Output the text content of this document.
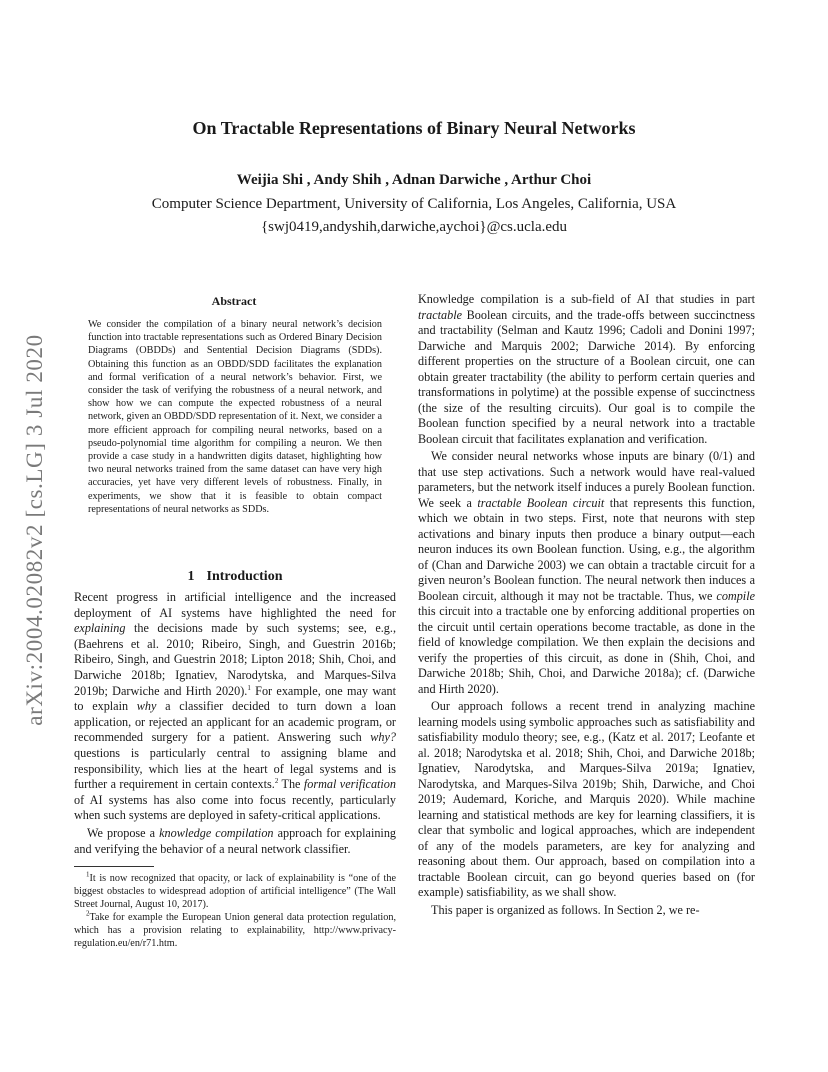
arXiv:2004.02082v2 [cs.LG] 3 Jul 2020
On Tractable Representations of Binary Neural Networks
Weijia Shi , Andy Shih , Adnan Darwiche , Arthur Choi
Computer Science Department, University of California, Los Angeles, California, USA
{swj0419,andyshih,darwiche,aychoi}@cs.ucla.edu
Abstract

We consider the compilation of a binary neural network’s decision function into tractable representations such as Ordered Binary Decision Diagrams (OBDDs) and Sentential Decision Diagrams (SDDs). Obtaining this function as an OBDD/SDD facilitates the explanation and formal verification of a neural network’s behavior. First, we consider the task of verifying the robustness of a neural network, and show how we can compute the expected robustness of a neural network, given an OBDD/SDD representation of it. Next, we consider a more efficient approach for compiling neural networks, based on a pseudo-polynomial time algorithm for compiling a neuron. We then provide a case study in a handwritten digits dataset, highlighting how two neural networks trained from the same dataset can have very high accuracies, yet have very different levels of robustness. Finally, in experiments, we show that it is feasible to obtain compact representations of neural networks as SDDs.

1 Introduction

Recent progress in artificial intelligence and the increased deployment of AI systems have highlighted the need for explaining the decisions made by such systems; see, e.g., (Baehrens et al. 2010; Ribeiro, Singh, and Guestrin 2016b; Ribeiro, Singh, and Guestrin 2018; Lipton 2018; Shih, Choi, and Darwiche 2018b; Ignatiev, Narodytska, and Marques-Silva 2019b; Darwiche and Hirth 2020).$^1$ For example, one may want to explain why a classifier decided to turn down a loan application, or rejected an applicant for an academic program, or recommended surgery for a patient. Answering such why? questions is particularly central to assigning blame and responsibility, which lies at the heart of legal systems and is further a requirement in certain contexts.$^2$ The formal verification of AI systems has also come into focus recently, particularly when such systems are deployed in safety-critical applications.

We propose a knowledge compilation approach for explaining and verifying the behavior of a neural network classifier.

$^1$It is now recognized that opacity, or lack of explainability is “one of the biggest obstacles to widespread adoption of artificial intelligence” (The Wall Street Journal, August 10, 2017).

$^2$Take for example the European Union general data protection regulation, which has a provision relating to explainability, http://www.privacy-regulation.eu/en/r71.htm.

Knowledge compilation is a sub-field of AI that studies in part tractable Boolean circuits, and the trade-offs between succinctness and tractability (Selman and Kautz 1996; Cadoli and Donini 1997; Darwiche and Marquis 2002; Darwiche 2014). By enforcing different properties on the structure of a Boolean circuit, one can obtain greater tractability (the ability to perform certain queries and transformations in polytime) at the possible expense of succinctness (the size of the resulting circuits). Our goal is to compile the Boolean function specified by a neural network into a tractable Boolean circuit that facilitates explanation and verification.

We consider neural networks whose inputs are binary (0/1) and that use step activations. Such a network would have real-valued parameters, but the network itself induces a purely Boolean function. We seek a tractable Boolean circuit that represents this function, which we obtain in two steps. First, note that neurons with step activations and binary inputs then produce a binary output—each neuron induces its own Boolean function. Using, e.g., the algorithm of (Chan and Darwiche 2003) we can obtain a tractable circuit for a given neuron’s Boolean function. The neural network then induces a Boolean circuit, although it may not be tractable. Thus, we compile this circuit into a tractable one by enforcing additional properties on the circuit until certain operations become tractable, as done in the field of knowledge compilation. We then explain the decisions and verify the properties of this circuit, as done in (Shih, Choi, and Darwiche 2018b; Shih, Choi, and Darwiche 2018a); cf. (Darwiche and Hirth 2020).

Our approach follows a recent trend in analyzing machine learning models using symbolic approaches such as satisfiability and satisfiability modulo theory; see, e.g., (Katz et al. 2017; Leofante et al. 2018; Narodytska et al. 2018; Shih, Choi, and Darwiche 2018b; Ignatiev, Narodytska, and Marques-Silva 2019a; Ignatiev, Narodytska, and Marques-Silva 2019b; Shih, Darwiche, and Choi 2019; Audemard, Koriche, and Marquis 2020). While machine learning and statistical methods are key for learning classifiers, it is clear that symbolic and logical approaches, which are independent of any of the models parameters, are key for analyzing and reasoning about them. Our approach, based on compilation into a tractable Boolean circuit, can go beyond queries based on (for example) satisfiability, as we shall show.

This paper is organized as follows. In Section 2, we re-
